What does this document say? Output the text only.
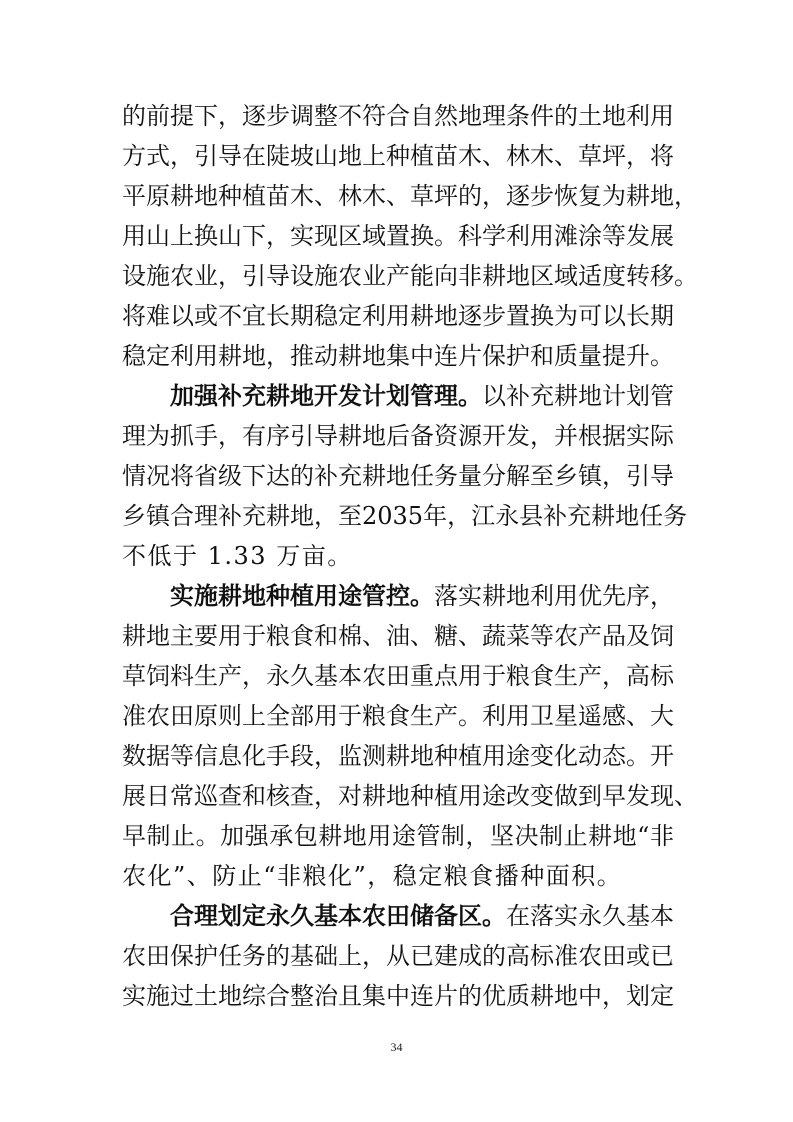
的 前 提 下 ， 逐 步 调 整 不 符 合 自 然 地 理 条 件 的 土 地 利 用
方 式 ， 引 导 在 陡 坡 山 地 上 种 植 苗 木 、 林 木 、 草 坪 ， 将
平 原 耕 地 种 植 苗 木 、 林 木 、 草 坪 的 ， 逐 步 恢 复 为 耕 地 ，
用 山 上 换 山 下 ， 实 现 区 域 置 换 。 科 学 利 用 滩 涂 等 发 展
设 施 农 业 ， 引 导 设 施 农 业 产 能 向 非 耕 地 区 域 适 度 转 移 。
将 难 以 或 不 宜 长 期 稳 定 利 用 耕 地 逐 步 置 换 为 可 以 长 期
稳 定 利 用 耕 地 ， 推 动 耕 地 集 中 连 片 保 护 和 质 量 提 升 。
加 强 补 充 耕 地 开 发 计 划 管 理 。 以 补 充 耕 地 计 划 管
理 为 抓 手 ， 有 序 引 导 耕 地 后 备 资 源 开 发 ， 并 根 据 实 际
情 况 将 省 级 下 达 的 补 充 耕 地 任 务 量 分 解 至 乡 镇 ， 引 导
乡 镇 合 理 补 充 耕 地 ， 至 2035 年 ， 江 永 县 补 充 耕 地 任 务
不低于 1.33 万亩。
实 施 耕 地 种 植 用 途 管 控 。 落 实 耕 地 利 用 优 先 序 ，
耕 地 主 要 用 于 粮 食 和 棉 、 油 、 糖 、 蔬 菜 等 农 产 品 及 饲
草 饲 料 生 产 ， 永 久 基 本 农 田 重 点 用 于 粮 食 生 产 ， 高 标
准 农 田 原 则 上 全 部 用 于 粮 食 生 产 。 利 用 卫 星 遥 感 、 大
数 据 等 信 息 化 手 段 ， 监 测 耕 地 种 植 用 途 变 化 动 态 。 开
展 日 常 巡 查 和 核 查 ， 对 耕 地 种 植 用 途 改 变 做 到 早 发 现 、
早 制 止 。 加 强 承 包 耕 地 用 途 管 制 ， 坚 决 制 止 耕 地 “ 非
农化”、防止“非粮化”，稳定粮食播种面积。
合 理 划 定 永 久 基 本 农 田 储 备 区 。 在 落 实 永 久 基 本
农 田 保 护 任 务 的 基 础 上 ， 从 已 建 成 的 高 标 准 农 田 或 已
实 施 过 土 地 综 合 整 治 且 集 中 连 片 的 优 质 耕 地 中 ， 划 定
34
